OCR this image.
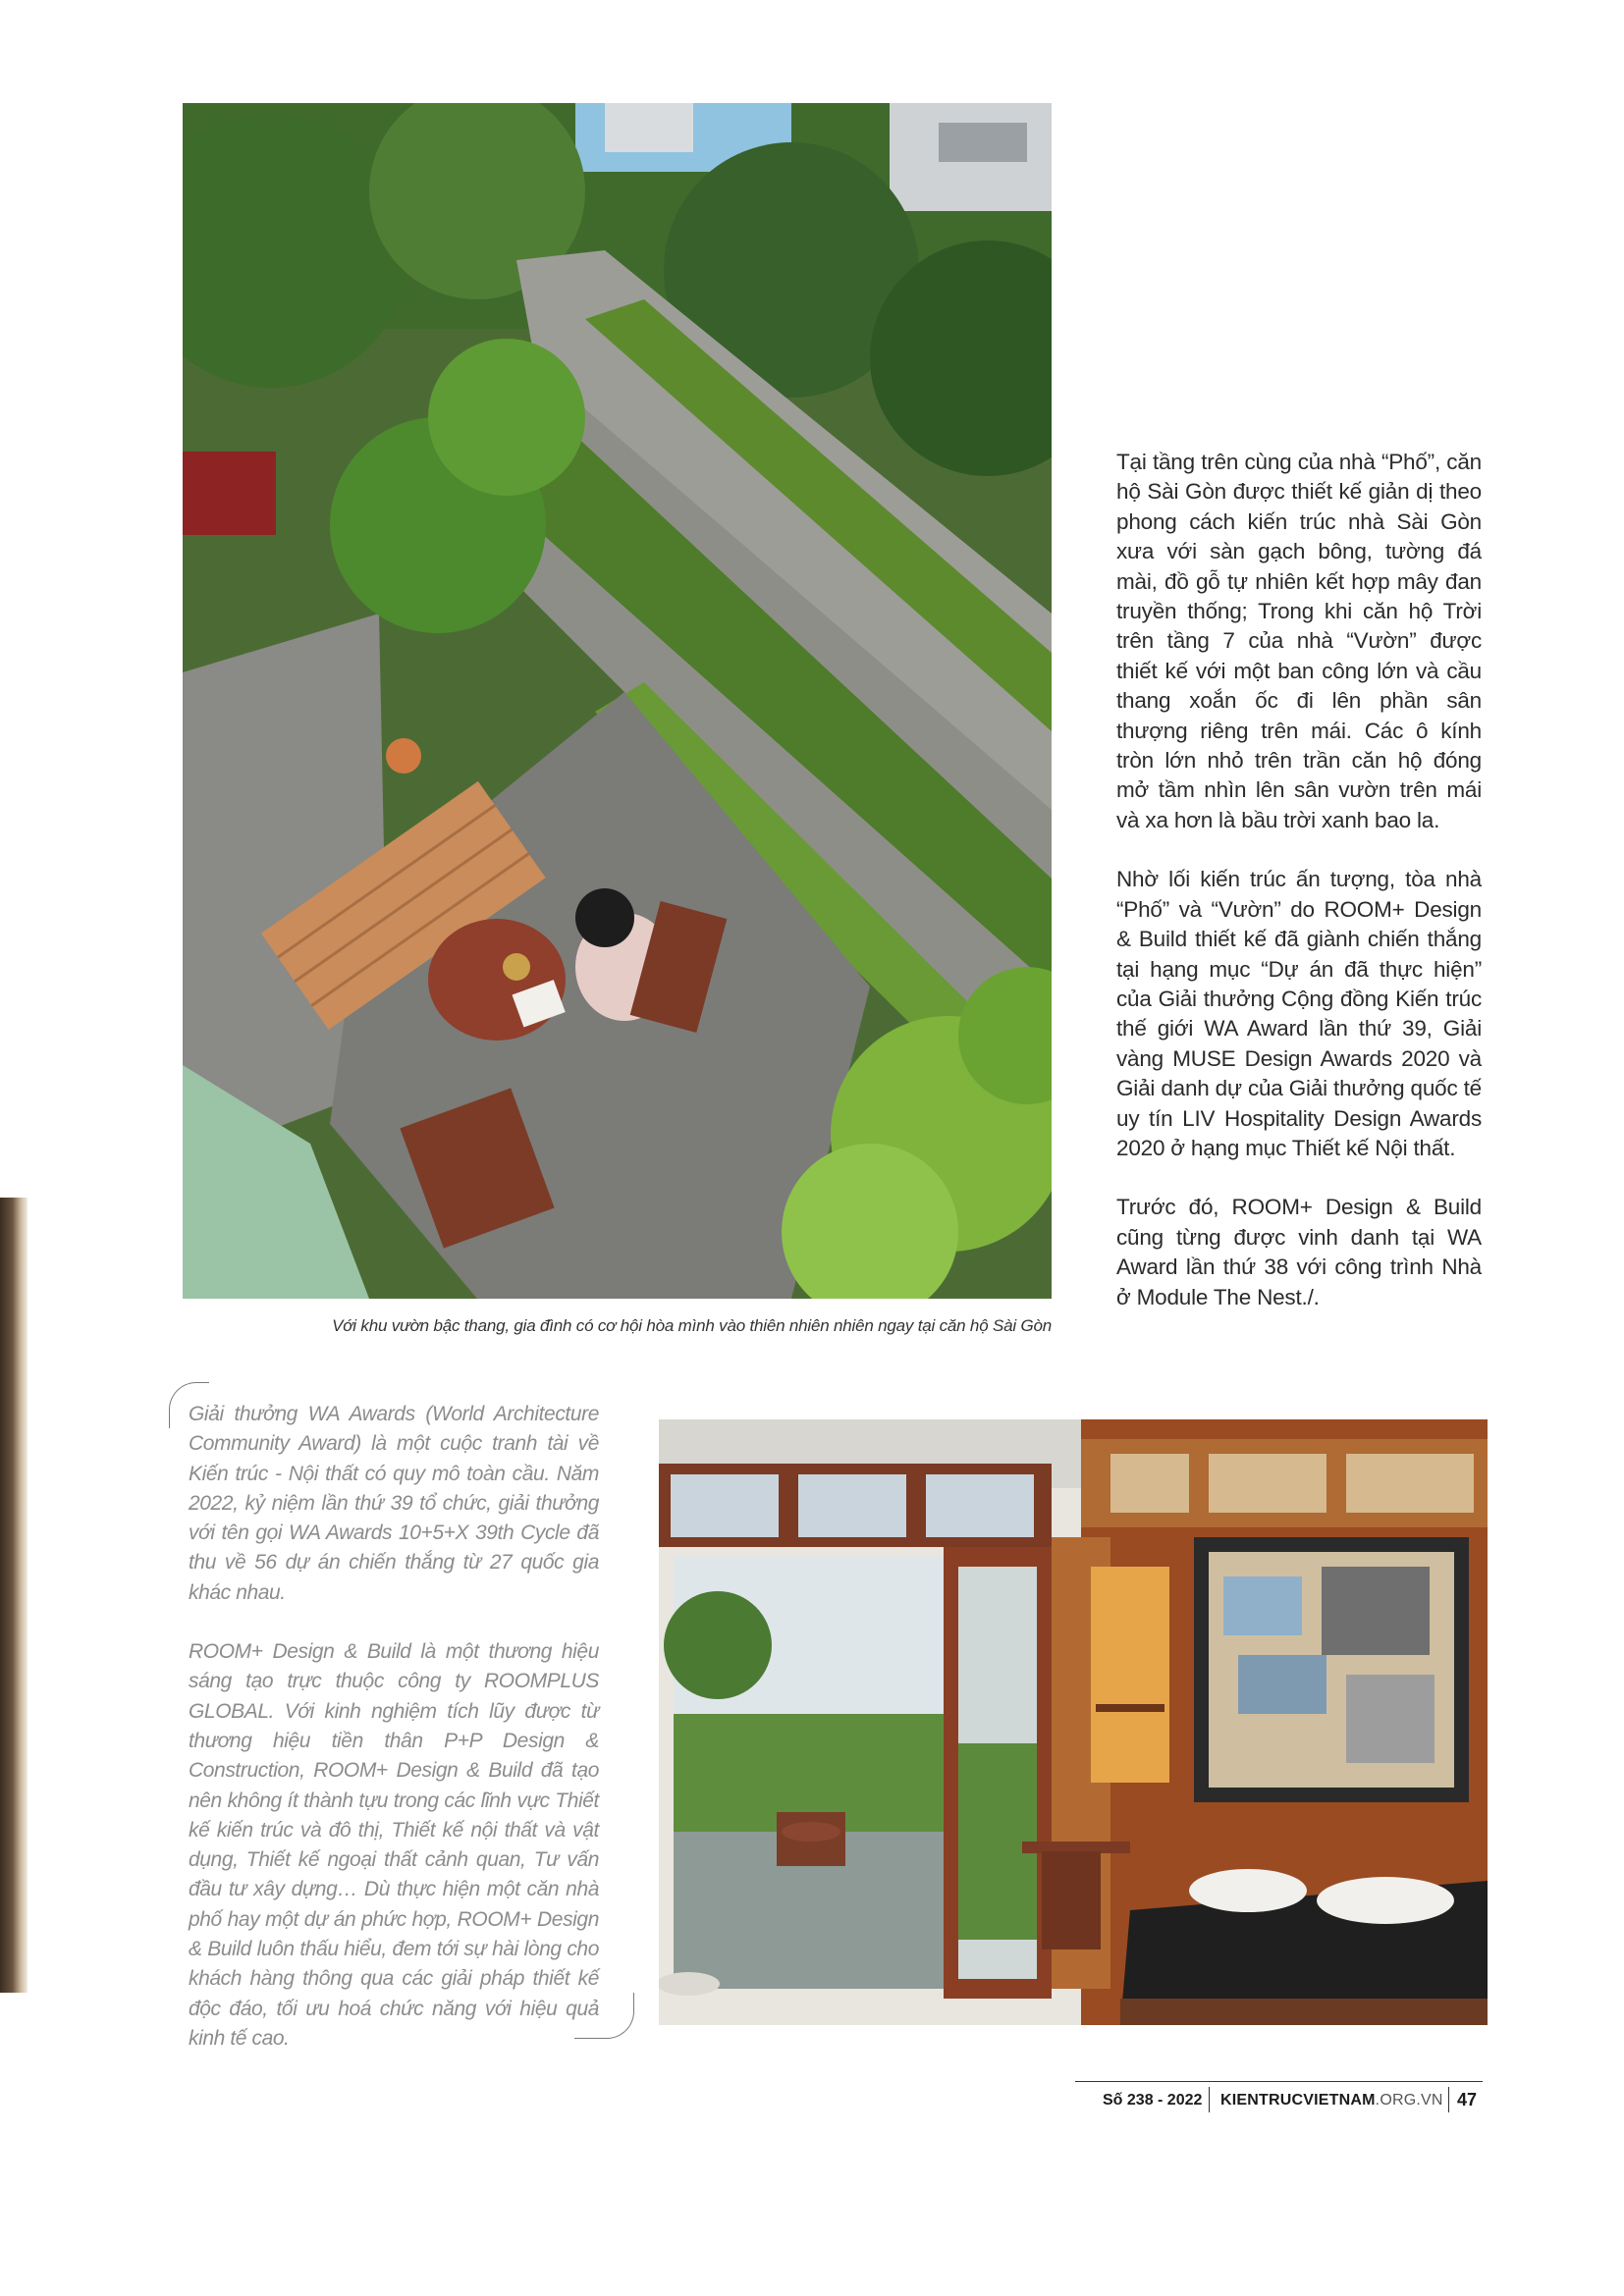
Tại tầng trên cùng của nhà “Phố”, căn hộ Sài Gòn được thiết kế giản dị theo phong cách kiến trúc nhà Sài Gòn xưa với sàn gạch bông, tường đá mài, đồ gỗ tự nhiên kết hợp mây đan truyền thống; Trong khi căn hộ Trời trên tầng 7 của nhà “Vườn” được thiết kế với một ban công lớn và cầu thang xoắn ốc đi lên phần sân thượng riêng trên mái. Các ô kính tròn lớn nhỏ trên trần căn hộ đóng mở tầm nhìn lên sân vườn trên mái và xa hơn là bầu trời xanh bao la.

Nhờ lối kiến trúc ấn tượng, tòa nhà “Phố” và “Vườn” do ROOM+ Design & Build thiết kế đã giành chiến thắng tại hạng mục “Dự án đã thực hiện” của Giải thưởng Cộng đồng Kiến trúc thế giới WA Award lần thứ 39, Giải vàng MUSE Design Awards 2020 và Giải danh dự của Giải thưởng quốc tế uy tín LIV Hospitality Design Awards 2020 ở hạng mục Thiết kế Nội thất.

Trước đó, ROOM+ Design & Build cũng từng được vinh danh tại WA Award lần thứ 38 với công trình Nhà ở Module The Nest./.

Với khu vườn bậc thang, gia đình có cơ hội hòa mình vào thiên nhiên nhiên ngay tại căn hộ Sài Gòn

Giải thưởng WA Awards (World Architecture Community Award) là một cuộc tranh tài về Kiến trúc - Nội thất có quy mô toàn cầu. Năm 2022, kỷ niệm lần thứ 39 tổ chức, giải thưởng với tên gọi WA Awards 10+5+X 39th Cycle đã thu về 56 dự án chiến thắng từ 27 quốc gia khác nhau.

ROOM+ Design & Build là một thương hiệu sáng tạo trực thuộc công ty ROOMPLUS GLOBAL. Với kinh nghiệm tích lũy được từ thương hiệu tiền thân P+P Design & Construction, ROOM+ Design & Build đã tạo nên không ít thành tựu trong các lĩnh vực Thiết kế kiến trúc và đô thị, Thiết kế nội thất và vật dụng, Thiết kế ngoại thất cảnh quan, Tư vấn đầu tư xây dựng… Dù thực hiện một căn nhà phố hay một dự án phức hợp, ROOM+ Design & Build luôn thấu hiểu, đem tới sự hài lòng cho khách hàng thông qua các giải pháp thiết kế độc đáo, tối ưu hoá chức năng với hiệu quả kinh tế cao.

Số 238 - 2022 KIENTRUCVIETNAM.ORG.VN 47
